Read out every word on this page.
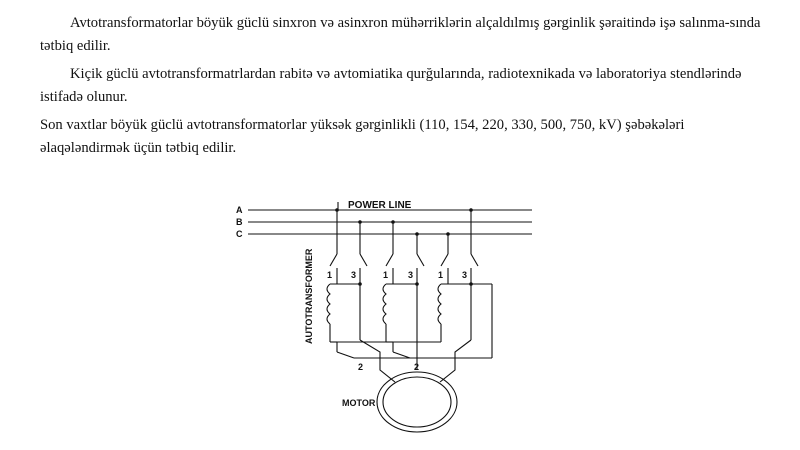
Avtotransformatorlar böyük güclü sinxron və asinxron mühərriklərin alçaldılmış gərginlik şəraitində işə salınma-sında tətbiq edilir.

Kiçik güclü avtotransformatrlardan rabitə və avtomiatika qurğularında, radiotexnikada və laboratoriya stendlərində istifadə olunur.

Son vaxtlar böyük güclü avtotransformatorlar yüksək gərginlikli (110, 154, 220, 330, 500, 750, kV) şəbəkələri əlaqələndirmək üçün tətbiq edilir.

POWER LINE
A
B
C
1 3	1 3	1 3
2	2
MOTOR
AUTOTRANSFORMER
